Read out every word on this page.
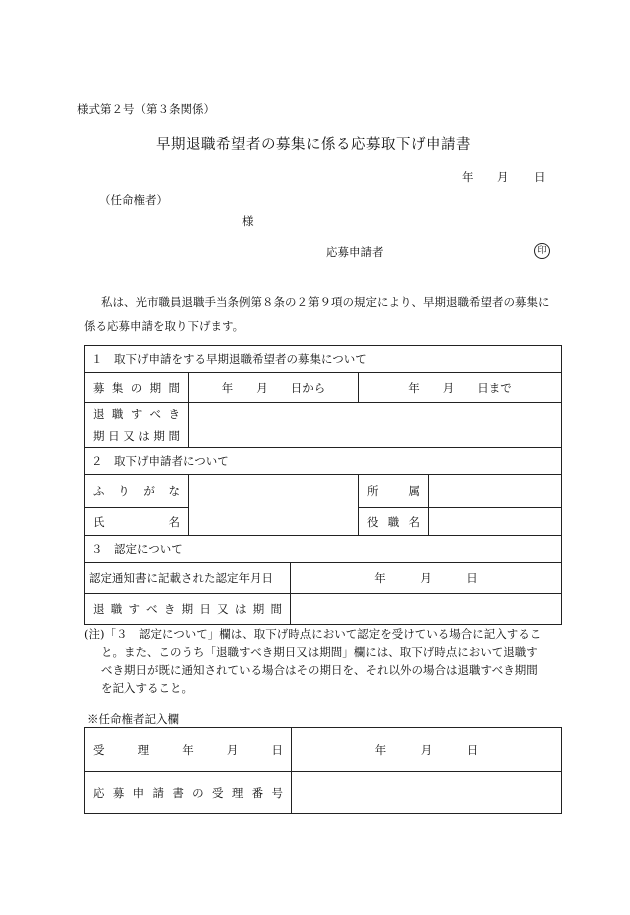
様式第２号（第３条関係）
早期退職希望者の募集に係る応募取下げ申請書
年 月 日
（任命権者）
様
応募申請者	印
私は、光市職員退職手当条例第８条の２第９項の規定により、早期退職希望者の募集に
係る応募申請を取り下げます。
１　取下げ申請をする早期退職希望者の募集について				
募集の期間	年　　月　　日から		年　　月　　日まで	

退職すべき
期日又は期間				

２　取下げ申請者について				
ふりがな			所属	
氏名			役職名	
３　認定について				
認定通知書に記載された認定年月日		年　　　月　　　日		
退職すべき期日又は期間				
(注)「３　認定について」欄は、取下げ時点において認定を受けている場合に記入するこ
と。また、このうち「退職すべき期日又は期間」欄には、取下げ時点において退職す
べき期日が既に通知されている場合はその期日を、それ以外の場合は退職すべき期間
を記入すること。
※任命権者記入欄
受理年月日	年　　　月　　　日
応募申請書の受理番号	
